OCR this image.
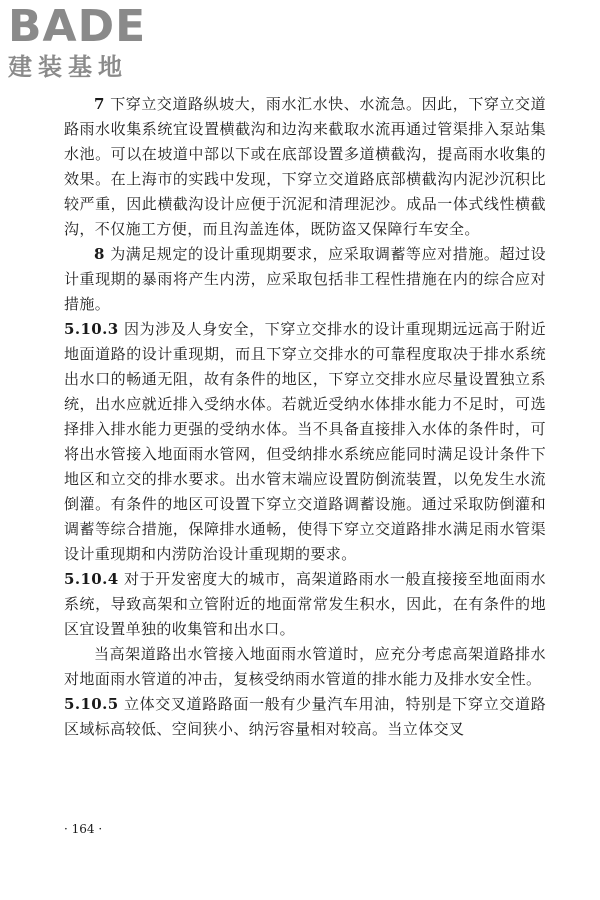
BADE
建装基地

7 下穿立交道路纵坡大，雨水汇水快、水流急。因此，下穿立交道路雨水收集系统宜设置横截沟和边沟来截取水流再通过管渠排入泵站集水池。可以在坡道中部以下或在底部设置多道横截沟，提高雨水收集的效果。在上海市的实践中发现，下穿立交道路底部横截沟内泥沙沉积比较严重，因此横截沟设计应便于沉泥和清理泥沙。成品一体式线性横截沟，不仅施工方便，而且沟盖连体，既防盗又保障行车安全。

8 为满足规定的设计重现期要求，应采取调蓄等应对措施。超过设计重现期的暴雨将产生内涝，应采取包括非工程性措施在内的综合应对措施。

5.10.3 因为涉及人身安全，下穿立交排水的设计重现期远远高于附近地面道路的设计重现期，而且下穿立交排水的可靠程度取决于排水系统出水口的畅通无阻，故有条件的地区，下穿立交排水应尽量设置独立系统，出水应就近排入受纳水体。若就近受纳水体排水能力不足时，可选择排入排水能力更强的受纳水体。当不具备直接排入水体的条件时，可将出水管接入地面雨水管网，但受纳排水系统应能同时满足设计条件下地区和立交的排水要求。出水管末端应设置防倒流装置，以免发生水流倒灌。有条件的地区可设置下穿立交道路调蓄设施。通过采取防倒灌和调蓄等综合措施，保障排水通畅，使得下穿立交道路排水满足雨水管渠设计重现期和内涝防治设计重现期的要求。

5.10.4 对于开发密度大的城市，高架道路雨水一般直接接至地面雨水系统，导致高架和立管附近的地面常常发生积水，因此，在有条件的地区宜设置单独的收集管和出水口。

当高架道路出水管接入地面雨水管道时，应充分考虑高架道路排水对地面雨水管道的冲击，复核受纳雨水管道的排水能力及排水安全性。

5.10.5 立体交叉道路路面一般有少量汽车用油，特别是下穿立交道路区域标高较低、空间狭小、纳污容量相对较高。当立体交叉

· 164 ·
